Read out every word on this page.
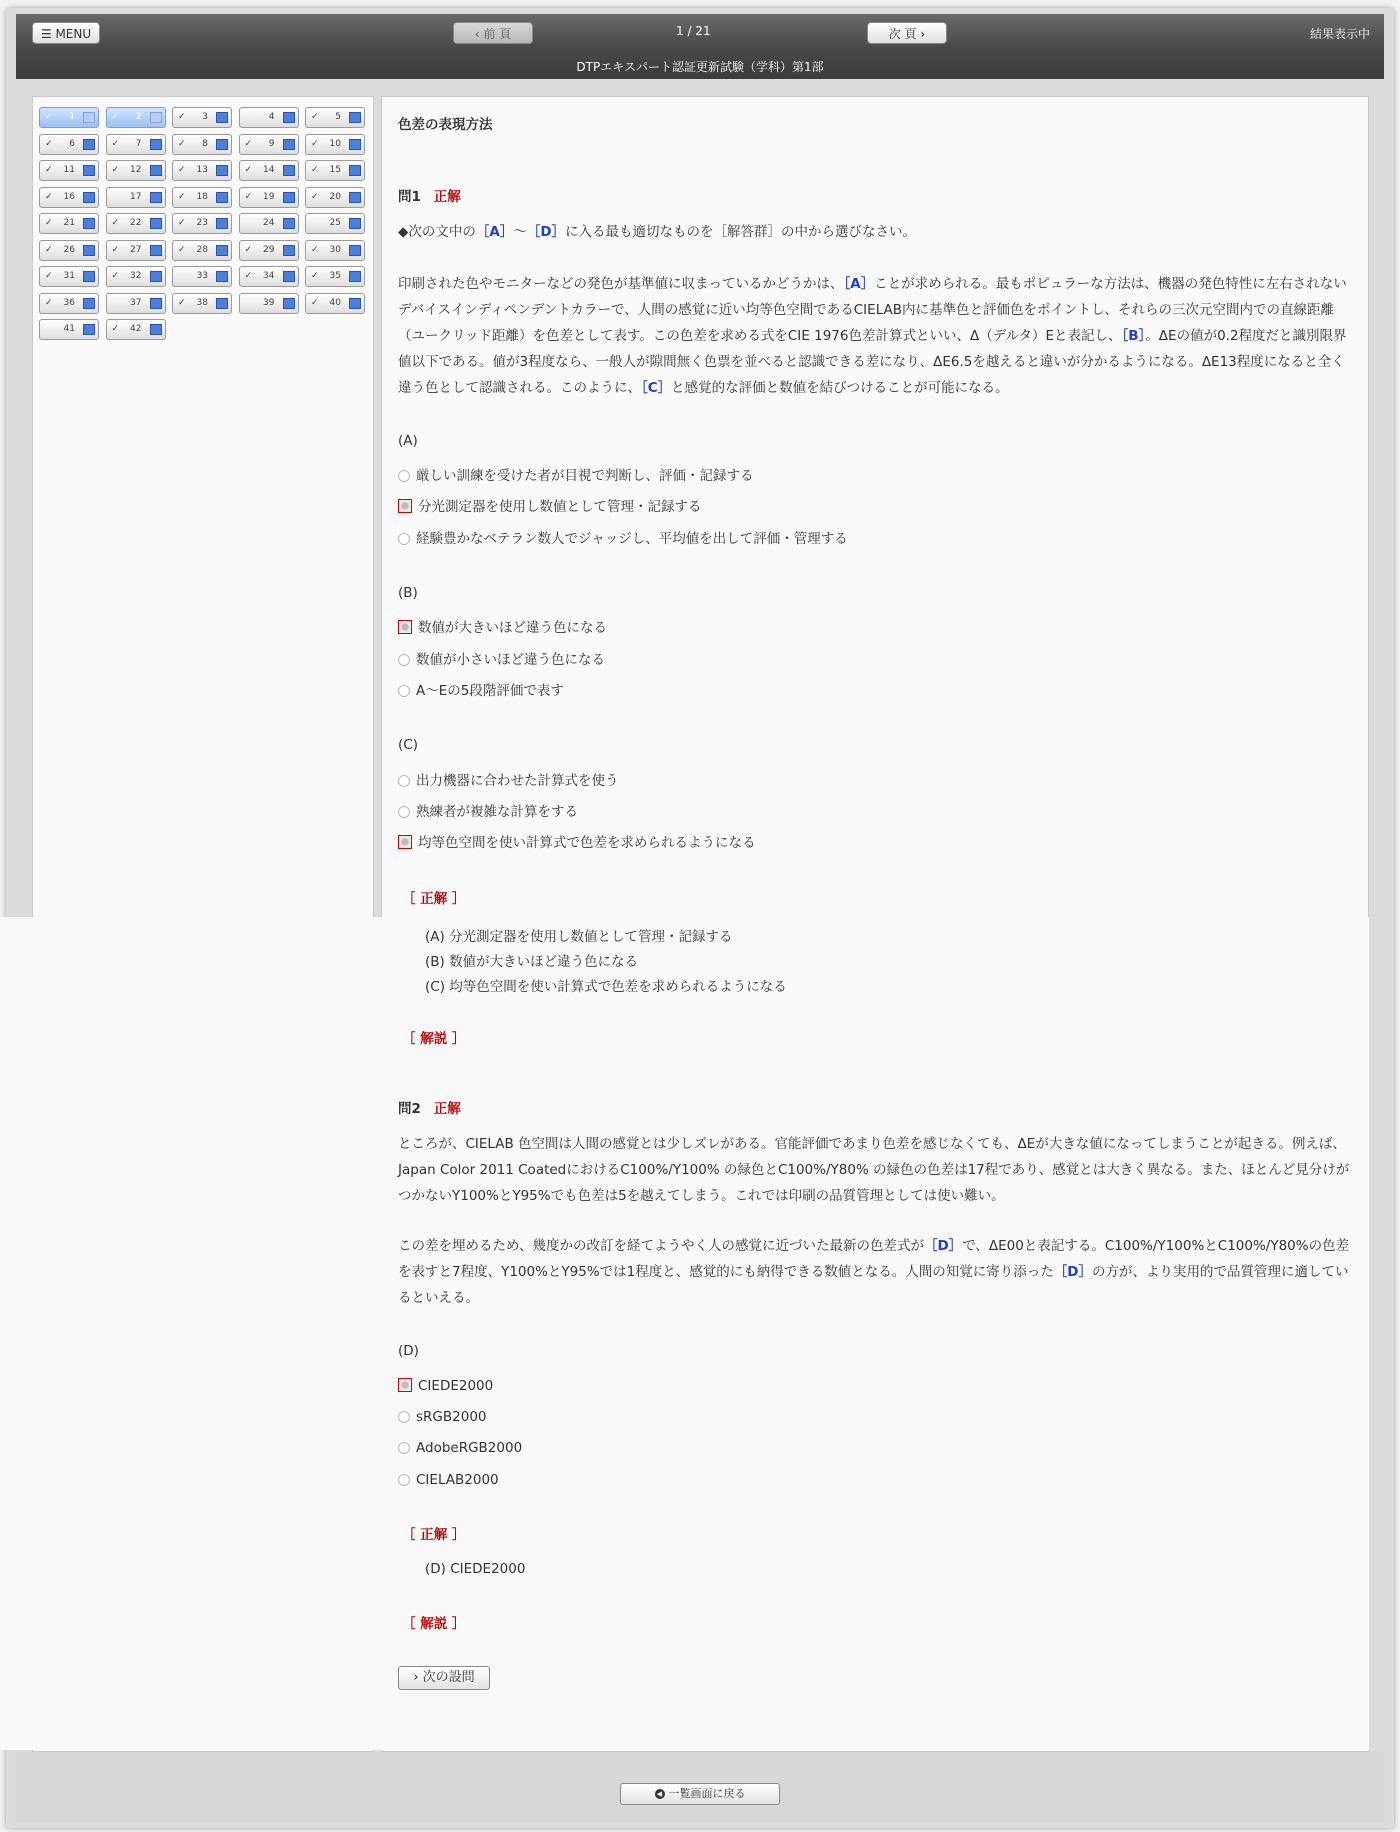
☰ MENU	‹ 前 頁	1 / 21	次 頁 ›	結果表示中
DTPエキスパート認証更新試験（学科）第1部
✓ 1	✓ 2	✓ 3	4	✓ 5
✓ 6	✓ 7	✓ 8	✓ 9	✓ 10
✓ 11	✓ 12	✓ 13	✓ 14	✓ 15
✓ 16	17	✓ 18	✓ 19	✓ 20
✓ 21	✓ 22	✓ 23	24	25
✓ 26	✓ 27	✓ 28	✓ 29	✓ 30
✓ 31	✓ 32	33	✓ 34	✓ 35
✓ 36	37	✓ 38	39	✓ 40
41	✓ 42
色差の表現方法
問1 正解
◆次の文中の［A］〜［D］に入る最も適切なものを［解答群］の中から選びなさい。
印刷された色やモニターなどの発色が基準値に収まっているかどうかは、［A］ことが求められる。最もポピュラーな方法は、機器の発色特性に左右されないデバイスインディペンデントカラーで、人間の感覚に近い均等色空間であるCIELAB内に基準色と評価色をポイントし、それらの三次元空間内での直線距離（ユークリッド距離）を色差として表す。この色差を求める式をCIE 1976色差計算式といい、Δ（デルタ）Eと表記し、［B］。ΔEの値が0.2程度だと識別限界値以下である。値が3程度なら、一般人が隙間無く色票を並べると認識できる差になり、ΔE6.5を越えると違いが分かるようになる。ΔE13程度になると全く違う色として認識される。このように、［C］と感覚的な評価と数値を結びつけることが可能になる。
(A)
厳しい訓練を受けた者が目視で判断し、評価・記録する
分光測定器を使用し数値として管理・記録する
経験豊かなベテラン数人でジャッジし、平均値を出して評価・管理する
(B)
数値が大きいほど違う色になる
数値が小さいほど違う色になる
A〜Eの5段階評価で表す
(C)
出力機器に合わせた計算式を使う
熟練者が複雑な計算をする
均等色空間を使い計算式で色差を求められるようになる
［ 正解 ］
(A) 分光測定器を使用し数値として管理・記録する
(B) 数値が大きいほど違う色になる
(C) 均等色空間を使い計算式で色差を求められるようになる
［ 解説 ］
問2 正解
ところが、CIELAB 色空間は人間の感覚とは少しズレがある。官能評価であまり色差を感じなくても、ΔEが大きな値になってしまうことが起きる。例えば、Japan Color 2011 CoatedにおけるC100%/Y100% の緑色とC100%/Y80% の緑色の色差は17程であり、感覚とは大きく異なる。また、ほとんど見分けがつかないY100%とY95%でも色差は5を越えてしまう。これでは印刷の品質管理としては使い難い。
この差を埋めるため、幾度かの改訂を経てようやく人の感覚に近づいた最新の色差式が［D］で、ΔE00と表記する。C100%/Y100%とC100%/Y80%の色差を表すと7程度、Y100%とY95%では1程度と、感覚的にも納得できる数値となる。人間の知覚に寄り添った［D］の方が、より実用的で品質管理に適しているといえる。
(D)
CIEDE2000
sRGB2000
AdobeRGB2000
CIELAB2000
［ 正解 ］
(D) CIEDE2000
［ 解説 ］
› 次の設問
◀ 一覧画面に戻る
